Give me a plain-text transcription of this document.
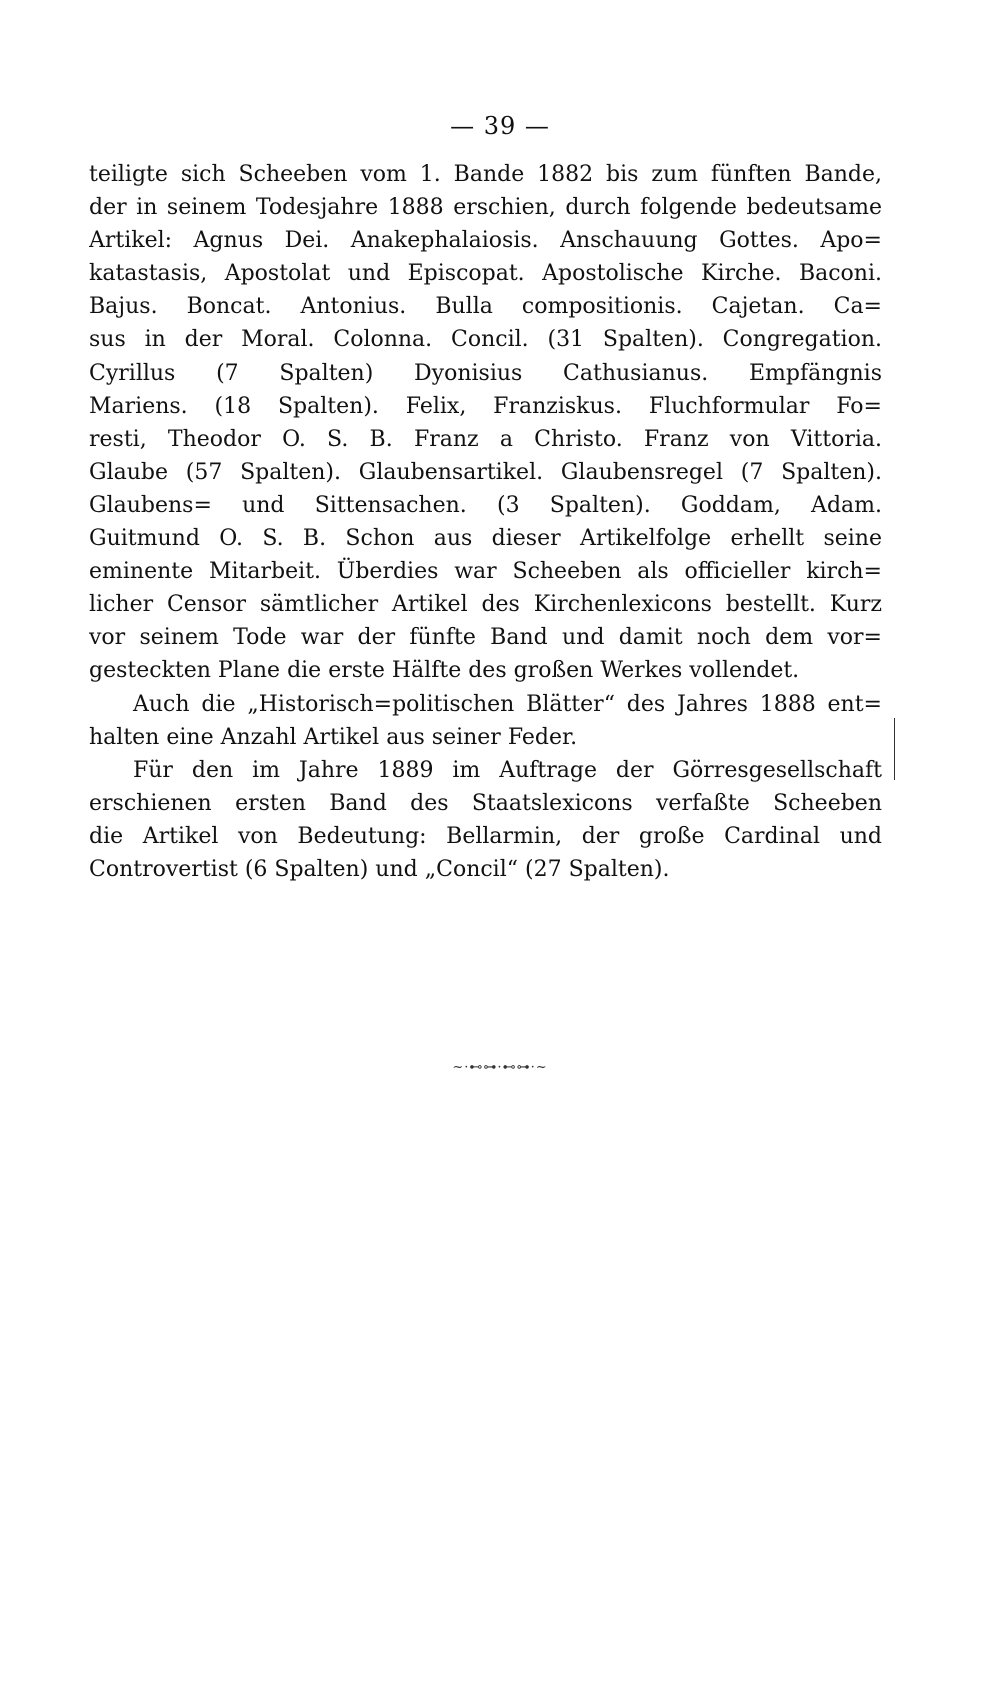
— 39 —
teiligte sich Scheeben vom 1. Bande 1882 bis zum fünften Bande,
der in seinem Todesjahre 1888 erschien, durch folgende bedeutsame
Artikel: Agnus Dei. Anakephalaiosis. Anschauung Gottes. Apo=
katastasis, Apostolat und Episcopat. Apostolische Kirche. Baconi.
Bajus. Boncat. Antonius. Bulla compositionis. Cajetan. Ca=
sus in der Moral. Colonna. Concil. (31 Spalten). Congregation.
Cyrillus (7 Spalten) Dyonisius Cathusianus. Empfängnis
Mariens. (18 Spalten). Felix, Franziskus. Fluchformular Fo=
resti, Theodor O. S. B. Franz a Christo. Franz von Vittoria.
Glaube (57 Spalten). Glaubensartikel. Glaubensregel (7 Spalten).
Glaubens= und Sittensachen. (3 Spalten). Goddam, Adam.
Guitmund O. S. B. Schon aus dieser Artikelfolge erhellt seine
eminente Mitarbeit. Überdies war Scheeben als officieller kirch=
licher Censor sämtlicher Artikel des Kirchenlexicons bestellt. Kurz
vor seinem Tode war der fünfte Band und damit noch dem vor=
gesteckten Plane die erste Hälfte des großen Werkes vollendet.
Auch die „Historisch=politischen Blätter“ des Jahres 1888 ent=
halten eine Anzahl Artikel aus seiner Feder.
Für den im Jahre 1889 im Auftrage der Görresgesellschaft
erschienen ersten Band des Staatslexicons verfaßte Scheeben
die Artikel von Bedeutung: Bellarmin, der große Cardinal und
Controvertist (6 Spalten) und „Concil“ (27 Spalten).
~·⊷⊶·⊷⊶·~
